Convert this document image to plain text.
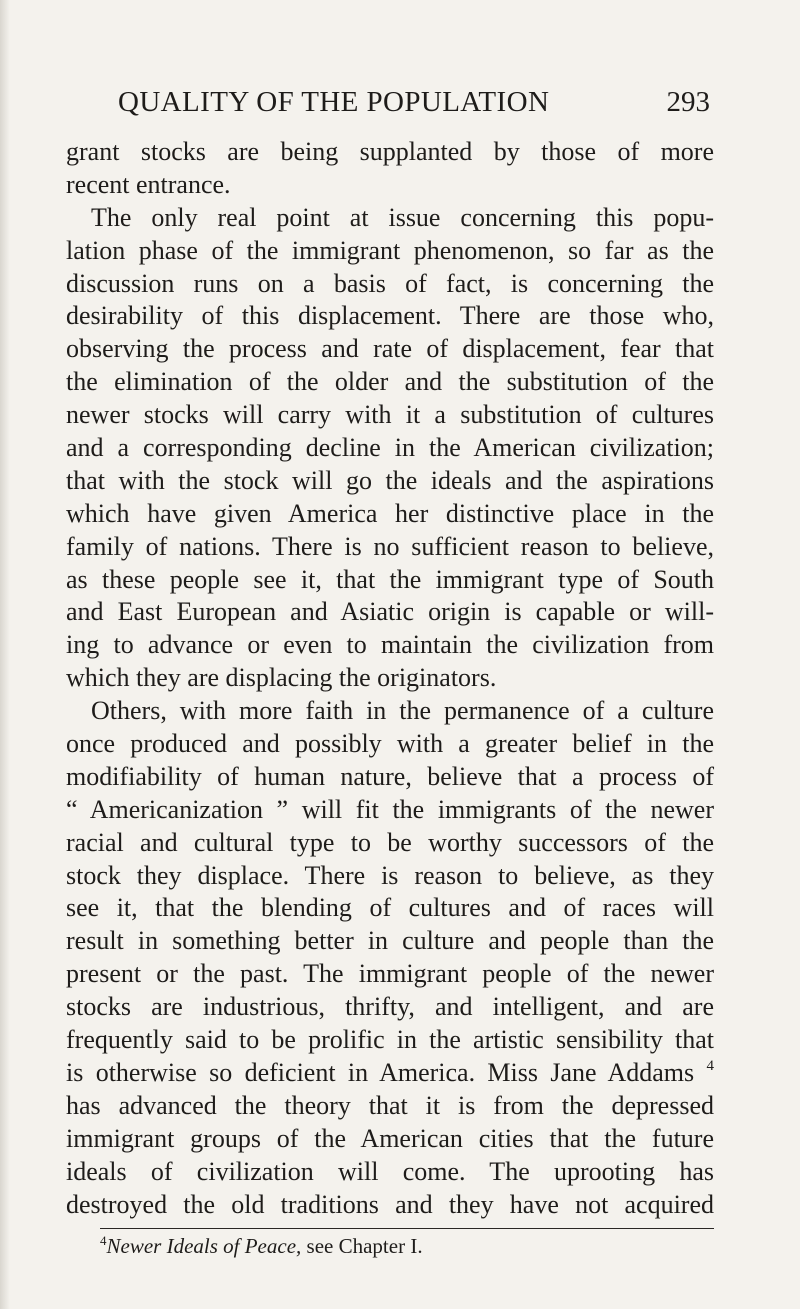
QUALITY OF THE POPULATION	293
grant stocks are being supplanted by those of more
recent entrance.
The only real point at issue concerning this popu-
lation phase of the immigrant phenomenon, so far as the
discussion runs on a basis of fact, is concerning the
desirability of this displacement. There are those who,
observing the process and rate of displacement, fear that
the elimination of the older and the substitution of the
newer stocks will carry with it a substitution of cultures
and a corresponding decline in the American civilization;
that with the stock will go the ideals and the aspirations
which have given America her distinctive place in the
family of nations. There is no sufficient reason to believe,
as these people see it, that the immigrant type of South
and East European and Asiatic origin is capable or will-
ing to advance or even to maintain the civilization from
which they are displacing the originators.
Others, with more faith in the permanence of a culture
once produced and possibly with a greater belief in the
modifiability of human nature, believe that a process of
“ Americanization ” will fit the immigrants of the newer
racial and cultural type to be worthy successors of the
stock they displace. There is reason to believe, as they
see it, that the blending of cultures and of races will
result in something better in culture and people than the
present or the past. The immigrant people of the newer
stocks are industrious, thrifty, and intelligent, and are
frequently said to be prolific in the artistic sensibility that
is otherwise so deficient in America. Miss Jane Addams $^4$
has advanced the theory that it is from the depressed
immigrant groups of the American cities that the future
ideals of civilization will come. The uprooting has
destroyed the old traditions and they have not acquired
$^4$Newer Ideals of Peace, see Chapter I.
